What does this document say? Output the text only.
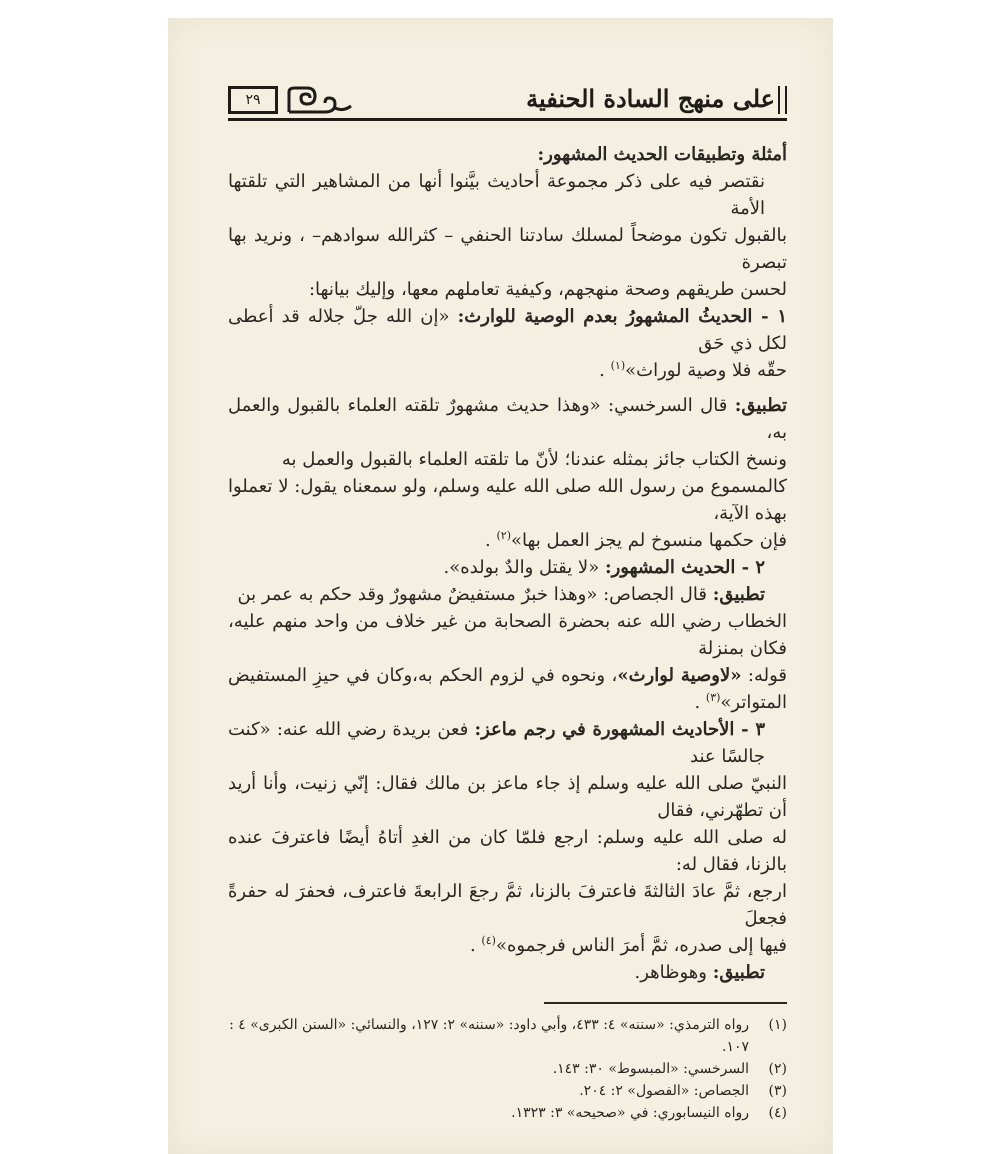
على منهج السادة الحنفية
٢٩
أمثلة وتطبيقات الحديث المشهور:
نقتصر فيه على ذكر مجموعة أحاديث بيَّنوا أنها من المشاهير التي تلقتها الأمة
بالقبول تكون موضحاً لمسلك سادتنا الحنفي – كثرالله سوادهم– ، ونريد بها تبصرة
لحسن طريقهم وصحة منهجهم، وكيفية تعاملهم معها، وإليك بيانها:
١ - الحديثُ المشهورُ بعدم الوصية للوارث: «إن الله جلّ جلاله قد أعطى لكل ذي حَق
حقّه فلا وصية لوراث»$^{(١)}$ .
تطبيق: قال السرخسي: «وهذا حديث مشهورٌ تلقته العلماء بالقبول والعمل به،
ونسخ الكتاب جائز بمثله عندنا؛ لأنّ ما تلقته العلماء بالقبول والعمل به
كالمسموع من رسول الله صلى الله عليه وسلم، ولو سمعناه يقول: لا تعملوا بهذه الآية،
فإن حكمها منسوخ لم يجز العمل بها»$^{(٢)}$ .
٢ - الحديث المشهور: «لا يقتل والدٌ بولده».
تطبيق: قال الجصاص: «وهذا خبرٌ مستفيضٌ مشهورٌ وقد حكم به عمر بن
الخطاب رضي الله عنه بحضرة الصحابة من غير خلاف من واحد منهم عليه، فكان بمنزلة
قوله: «لاوصية لوارث»، ونحوه في لزوم الحكم به،وكان في حيزِ المستفيض المتواتر»$^{(٣)}$ .
٣ - الأحاديث المشهورة في رجم ماعز: فعن بريدة رضي الله عنه: «كنت جالسًا عند
النبيّ صلى الله عليه وسلم إذ جاء ماعز بن مالك فقال: إنّي زنيت، وأنا أريد أن تطهّرني، فقال
له صلى الله عليه وسلم: ارجع فلمّا كان من الغدِ أتاهُ أيضًا فاعترفَ عنده بالزنا، فقال له:
ارجع، ثمَّ عادَ الثالثةَ فاعترفَ بالزنا، ثمَّ رجعَ الرابعةَ فاعترف، فحفرَ له حفرةً فجعلَ
فيها إلى صدره، ثمَّ أمرَ الناس فرجموه»$^{(٤)}$ .
تطبيق: وهوظاهر.
(١)
رواه الترمذي: «سننه» ٤: ٤٣٣، وأبي داود: «سننه» ٢: ١٢٧، والنسائي: «السنن الكبرى» ٤ : ١٠٧.
(٢)
السرخسي: «المبسوط» ٣٠: ١٤٣.
(٣)
الجصاص: «الفصول» ٢: ٢٠٤.
(٤)
رواه النيسابوري: في «صحيحه» ٣: ١٣٢٣.
